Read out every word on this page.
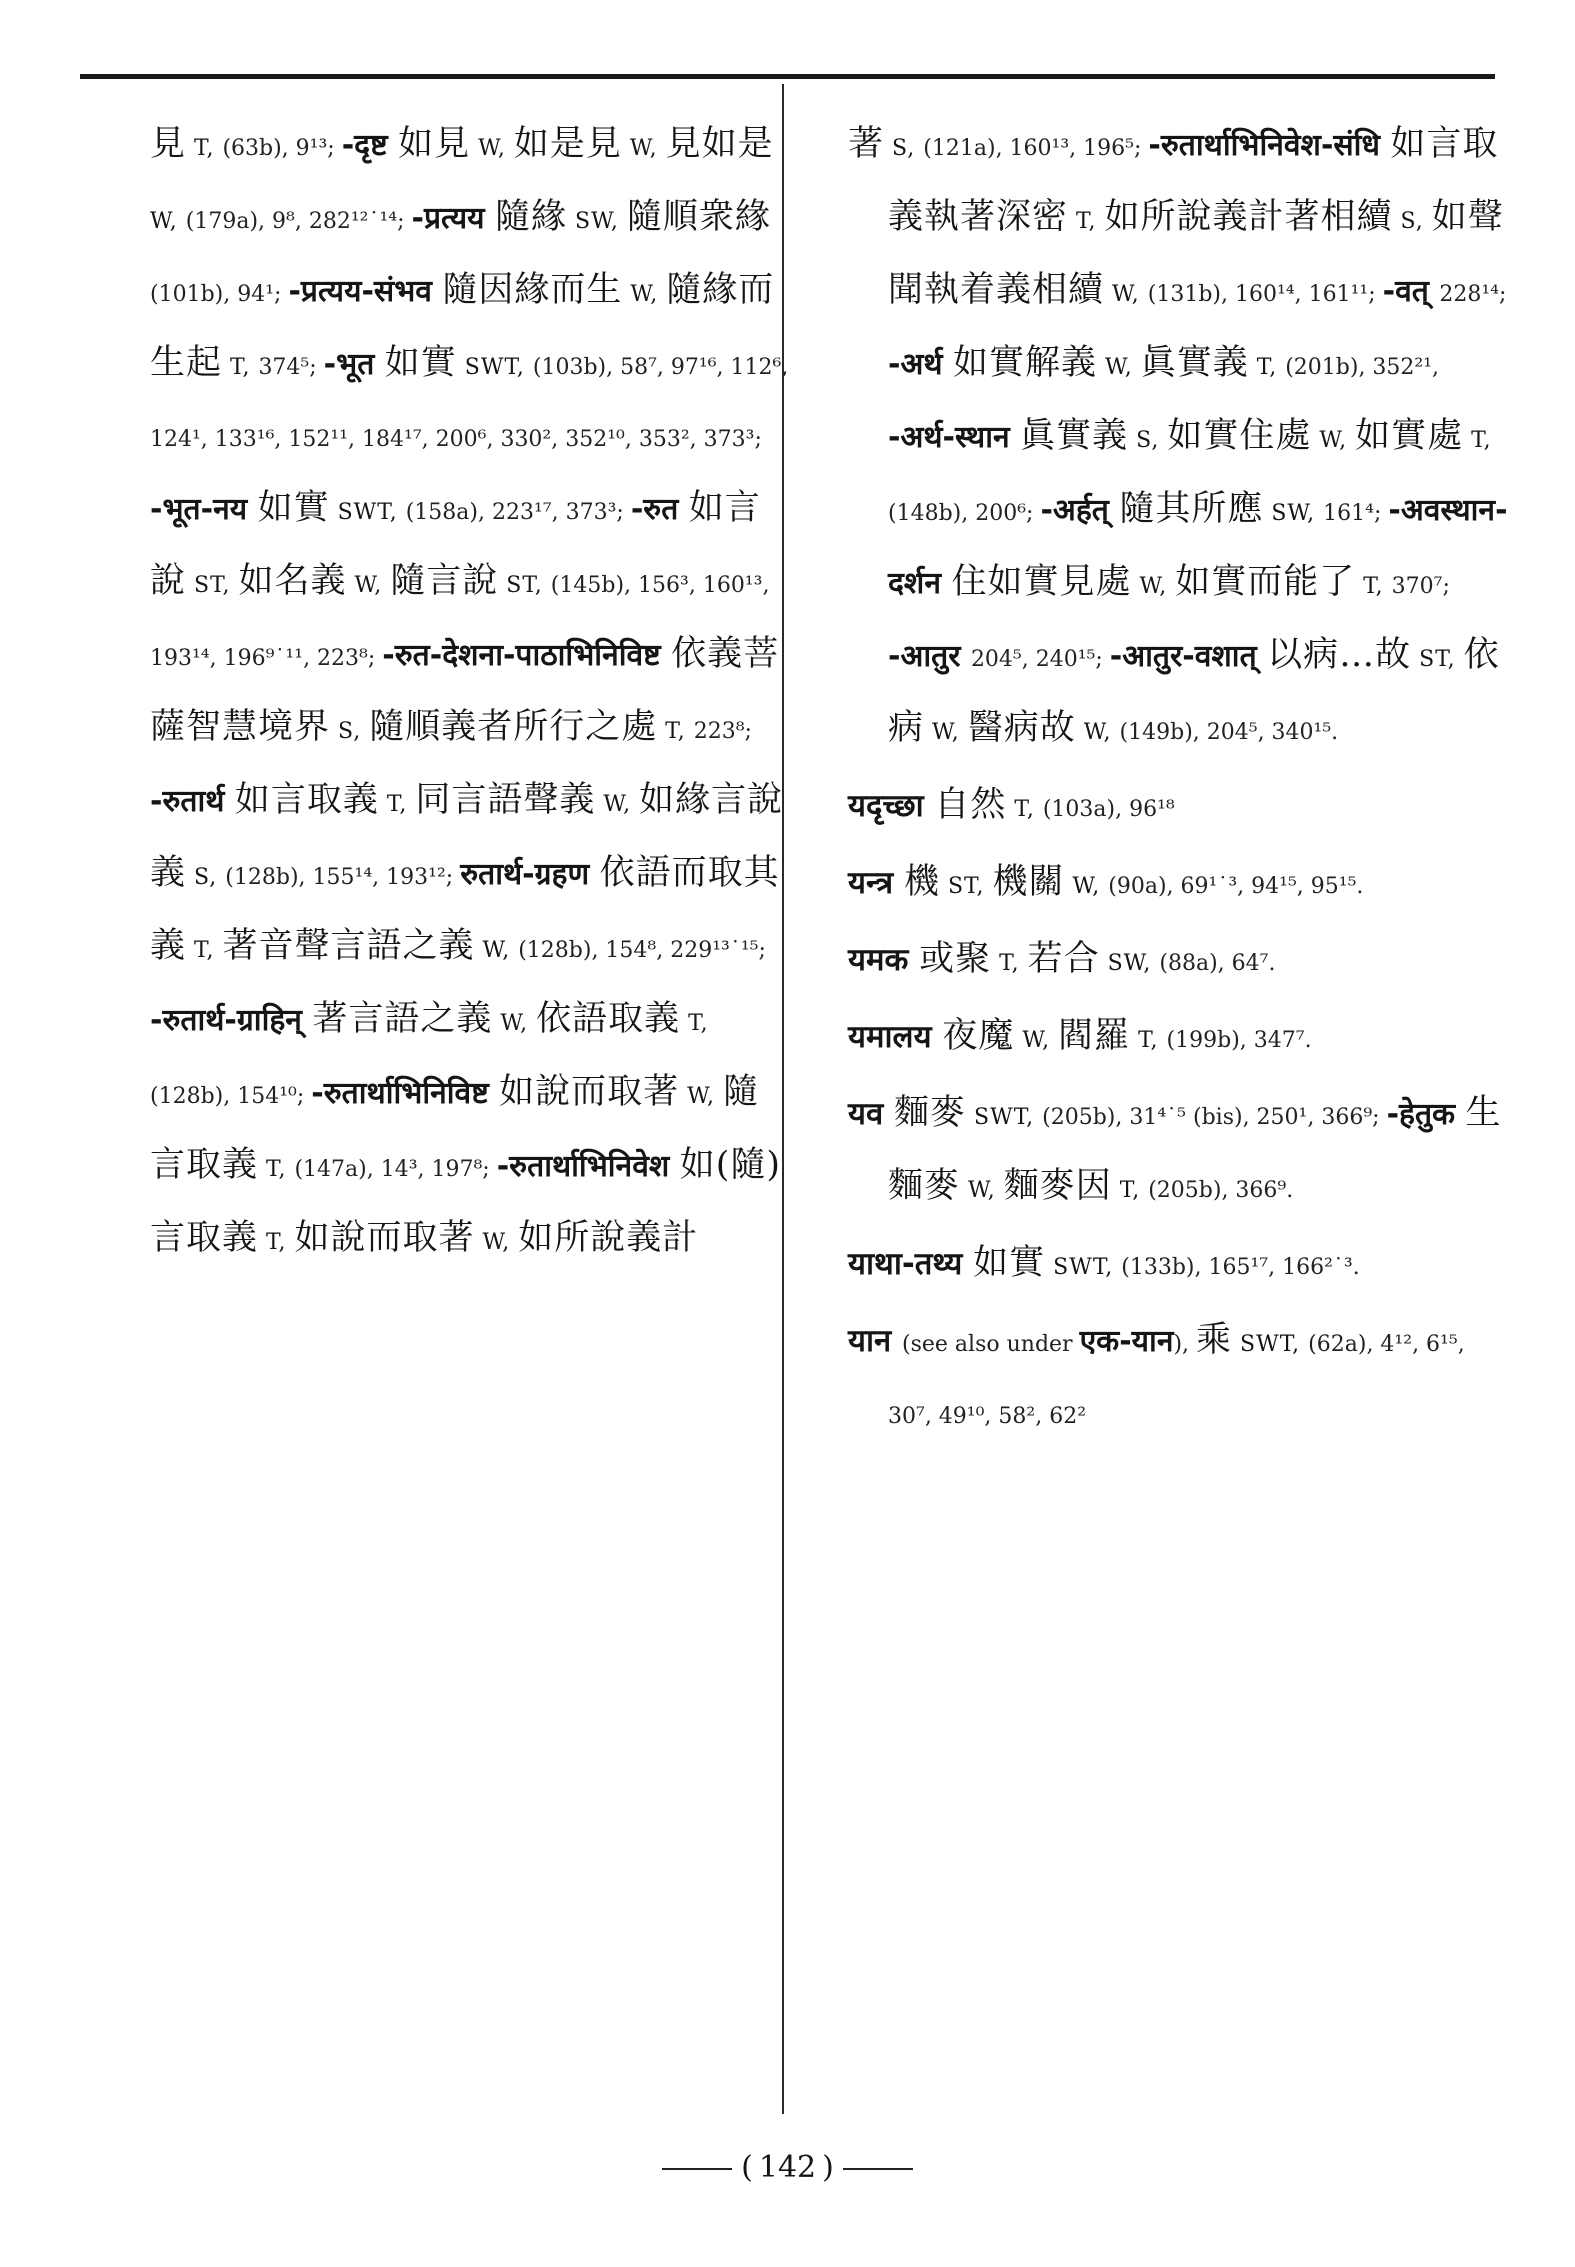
見 T, (63b), 9¹³; -दृष्ट 如見 W, 如是見 W, 見如是 W, (179a), 9⁸, 282¹²˙¹⁴; -प्रत्यय 隨緣 SW, 隨順衆緣 (101b), 94¹; -प्रत्यय-संभव 隨因緣而生 W, 隨緣而生起 T, 374⁵; -भूत 如實 SWT, (103b), 58⁷, 97¹⁶, 112⁶, 124¹, 133¹⁶, 152¹¹, 184¹⁷, 200⁶, 330², 352¹⁰, 353², 373³; -भूत-नय 如實 SWT, (158a), 223¹⁷, 373³; -रुत 如言說 ST, 如名義 W, 隨言說 ST, (145b), 156³, 160¹³, 193¹⁴, 196⁹˙¹¹, 223⁸; -रुत-देशना-पाठाभिनिविष्ट 依義菩薩智慧境界 S, 隨順義者所行之處 T, 223⁸; -रुतार्थ 如言取義 T, 同言語聲義 W, 如緣言說義 S, (128b), 155¹⁴, 193¹²; रुतार्थ-ग्रहण 依語而取其義 T, 著音聲言語之義 W, (128b), 154⁸, 229¹³˙¹⁵; -रुतार्थ-ग्राहिन् 著言語之義 W, 依語取義 T, (128b), 154¹⁰; -रुतार्थाभिनिविष्ट 如說而取著 W, 隨言取義 T, (147a), 14³, 197⁸; -रुतार्थाभिनिवेश 如(隨)言取義 T, 如說而取著 W, 如所說義計
著 S, (121a), 160¹³, 196⁵; -रुतार्थाभिनिवेश-संधि 如言取義執著深密 T, 如所說義計著相續 S, 如聲聞執着義相續 W, (131b), 160¹⁴, 161¹¹; -वत् 228¹⁴; -अर्थ 如實解義 W, 眞實義 T, (201b), 352²¹, -अर्थ-स्थान 眞實義 S, 如實住處 W, 如實處 T, (148b), 200⁶; -अर्हत् 隨其所應 SW, 161⁴; -अवस्थान-दर्शन 住如實見處 W, 如實而能了 T, 370⁷; -आतुर 204⁵, 240¹⁵; -आतुर-वशात् 以病…故 ST, 依病 W, 醫病故 W, (149b), 204⁵, 340¹⁵.
यदृच्छा 自然 T, (103a), 96¹⁸
यन्त्र 機 ST, 機關 W, (90a), 69¹˙³, 94¹⁵, 95¹⁵.
यमक 或聚 T, 若合 SW, (88a), 64⁷.
यमालय 夜魔 W, 閻羅 T, (199b), 347⁷.
यव 麵麥 SWT, (205b), 31⁴˙⁵ (bis), 250¹, 366⁹; -हेतुक 生麵麥 W, 麵麥因 T, (205b), 366⁹.
याथा-तथ्य 如實 SWT, (133b), 165¹⁷, 166²˙³.
यान (see also under एक-यान), 乘 SWT, (62a), 4¹², 6¹⁵, 30⁷, 49¹⁰, 58², 62²
( 142 )
